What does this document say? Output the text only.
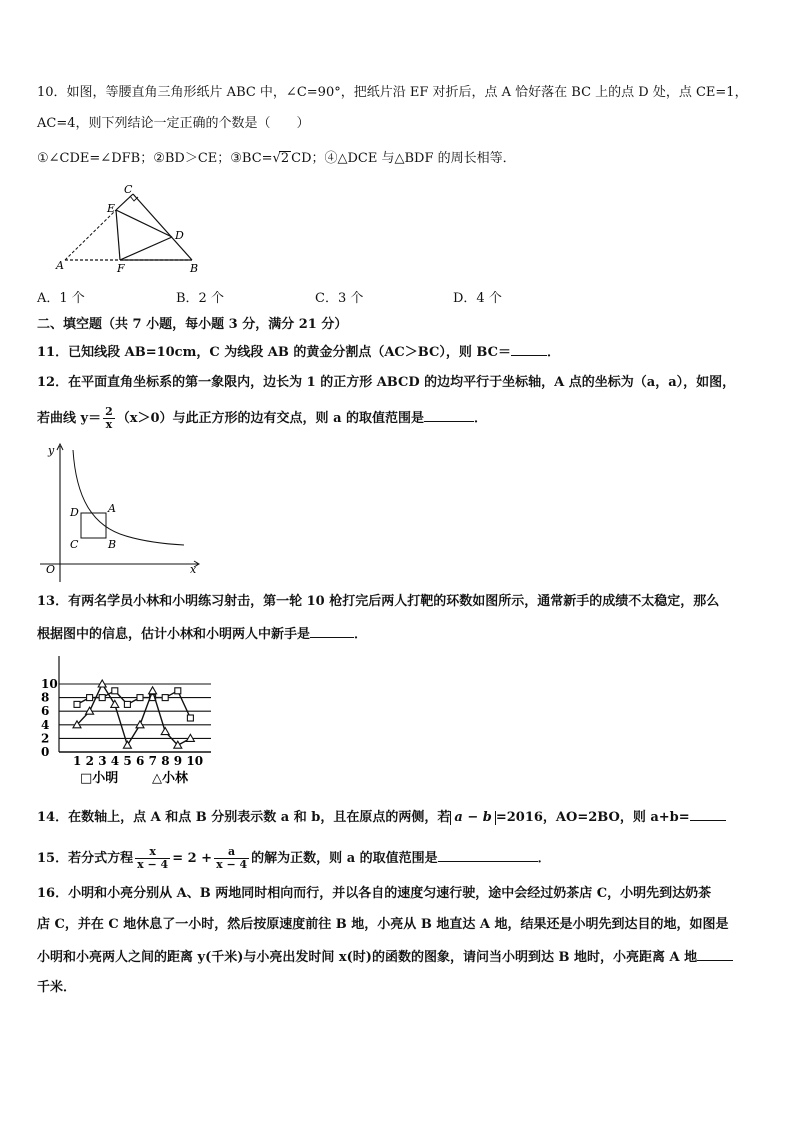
10．如图，等腰直角三角形纸片 ABC 中，∠C=90°，把纸片沿 EF 对折后，点 A 恰好落在 BC 上的点 D 处，点 CE=1，
AC=4，则下列结论一定正确的个数是（　　）
①∠CDE=∠DFB；②BD＞CE；③BC=√2 CD；④△DCE 与△BDF 的周长相等．
C
E
D
A	F	B
A．1 个	B．2 个	C．3 个	D．4 个
二、填空题（共 7 小题，每小题 3 分，满分 21 分）
11．已知线段 AB=10cm，C 为线段 AB 的黄金分割点（AC＞BC），则 BC＝	．
12．在平面直角坐标系的第一象限内，边长为 1 的正方形 ABCD 的边均平行于坐标轴，A 点的坐标为（a，a），如图，
若曲线 $y= \frac{2}{x} (x>0)$与此正方形的边有交点，则 a 的取值范围是	．
y
x
O
A
B
C
D
13．有两名学员小林和小明练习射击，第一轮 10 枪打完后两人打靶的环数如图所示，通常新手的成绩不太稳定，那么
根据图中的信息，估计小林和小明两人中新手是	．
0
2
4
6
8
10
1 2 3 4 5 6 7 8 9 10
□小明	△小林
14．在数轴上，点 A 和点 B 分别表示数 a 和 b，且在原点的两侧，若 a − b =2016，AO=2BO，则 a+b=
15．若分式方程 $\frac{x}{x - 4} = 2 + \frac{a}{x - 4}$ 的解为正数，则 a 的取值范围是	．
16．小明和小亮分别从 A、B 两地同时相向而行，并以各自的速度匀速行驶，途中会经过奶茶店 C，小明先到达奶茶
店 C，并在 C 地休息了一小时，然后按原速度前往 B 地，小亮从 B 地直达 A 地，结果还是小明先到达目的地，如图是
小明和小亮两人之间的距离 y(千米)与小亮出发时间 x(时)的函数的图象，请问当小明到达 B 地时，小亮距离 A 地
千米．
